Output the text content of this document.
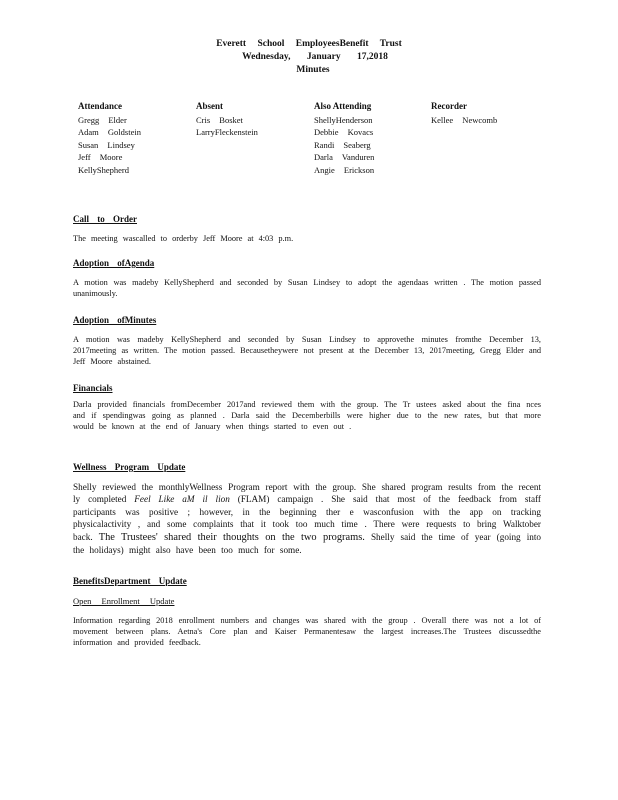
Everett School EmployeesBenefit Trust
Wednesday, January 17,2018
Minutes
Attendance
Gregg Elder
Adam Goldstein
Susan Lindsey
Jeff Moore
KellyShepherd
Absent
Cris Bosket
LarryFleckenstein
Also Attending
ShellyHenderson
Debbie Kovacs
Randi Seaberg
Darla Vanduren
Angie Erickson
Recorder
Kellee Newcomb
Call to Order
The meeting wascalled to orderby Jeff Moore at 4:03 p.m.
Adoption ofAgenda
A motion was madeby KellyShepherd and seconded by Susan Lindsey to adopt the agendaas written . The motion passed unanimously.
Adoption ofMinutes
A motion was madeby KellyShepherd and seconded by Susan Lindsey to approvethe minutes fromthe December 13, 2017meeting as written. The motion passed. Becausetheywere not present at the December 13, 2017meeting, Gregg Elder and Jeff Moore abstained.
Financials
Darla provided financials fromDecember 2017and reviewed them with the group. The Tr ustees asked about the fina nces and if spendingwas going as planned . Darla said the Decemberbills were higher due to the new rates, but that more would be known at the end of January when things started to even out .
Wellness Program Update
Shelly reviewed the monthlyWellness Program report with the group. She shared program results from the recent ly completed Feel Like aM il lion (FLAM) campaign . She said that most of the feedback from staff participants was positive ; however, in the beginning ther e wasconfusion with the app on tracking physicalactivity , and some complaints that it took too much time . There were requests to bring Walktober back. The Trustees' shared their thoughts on the two programs. Shelly said the time of year (going into the holidays) might also have been too much for some.
BenefitsDepartment Update
Open Enrollment Update
Information regarding 2018 enrollment numbers and changes was shared with the group . Overall there was not a lot of movement between plans. Aetna's Core plan and Kaiser Permanentesaw the largest increases.The Trustees discussedthe information and provided feedback.
